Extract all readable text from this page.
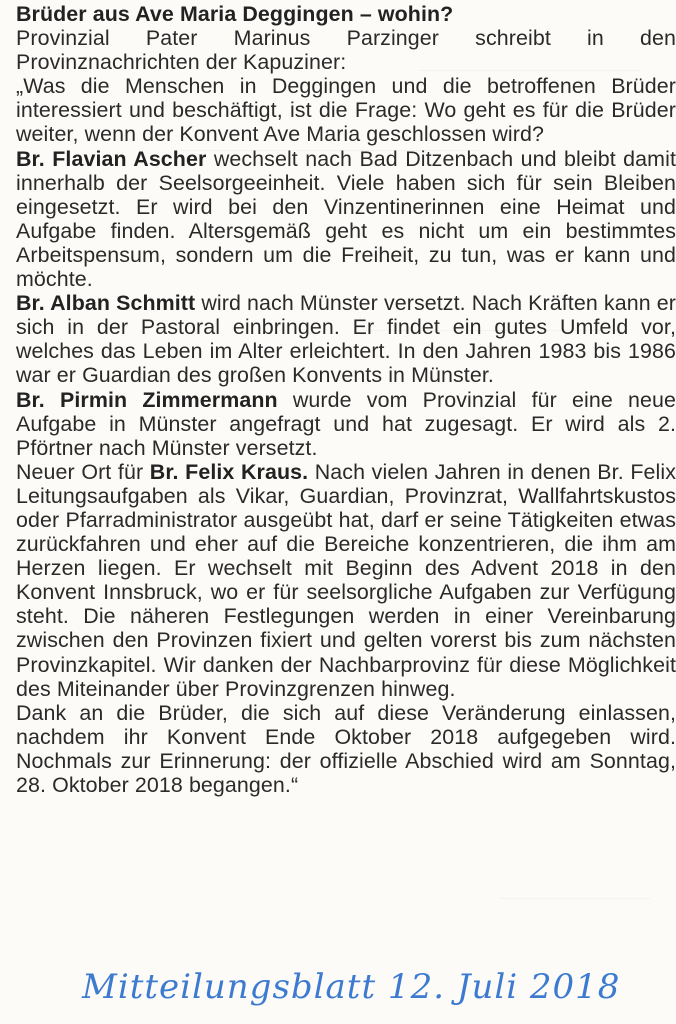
Brüder aus Ave Maria Deggingen – wohin?

Provinzial Pater Marinus Parzinger schreibt in den Provinznachrichten der Kapuziner:

„Was die Menschen in Deggingen und die betroffenen Brüder interessiert und beschäftigt, ist die Frage: Wo geht es für die Brüder weiter, wenn der Konvent Ave Maria geschlossen wird?

Br. Flavian Ascher wechselt nach Bad Ditzenbach und bleibt damit innerhalb der Seelsorgeeinheit. Viele haben sich für sein Bleiben eingesetzt. Er wird bei den Vinzentinerinnen eine Heimat und Aufgabe finden. Altersgemäß geht es nicht um ein bestimmtes Arbeitspensum, sondern um die Freiheit, zu tun, was er kann und möchte.

Br. Alban Schmitt wird nach Münster versetzt. Nach Kräften kann er sich in der Pastoral einbringen. Er findet ein gutes Umfeld vor, welches das Leben im Alter erleichtert. In den Jahren 1983 bis 1986 war er Guardian des großen Konvents in Münster.

Br. Pirmin Zimmermann wurde vom Provinzial für eine neue Aufgabe in Münster angefragt und hat zugesagt. Er wird als 2. Pförtner nach Münster versetzt.

Neuer Ort für Br. Felix Kraus. Nach vielen Jahren in denen Br. Felix Leitungsaufgaben als Vikar, Guardian, Provinzrat, Wallfahrtskustos oder Pfarradministrator ausgeübt hat, darf er seine Tätigkeiten etwas zurückfahren und eher auf die Bereiche konzentrieren, die ihm am Herzen liegen. Er wechselt mit Beginn des Advent 2018 in den Konvent Innsbruck, wo er für seelsorgliche Aufgaben zur Verfügung steht. Die näheren Festlegungen werden in einer Vereinbarung zwischen den Provinzen fixiert und gelten vorerst bis zum nächsten Provinzkapitel. Wir danken der Nachbarprovinz für diese Möglichkeit des Miteinander über Provinzgrenzen hinweg.

Dank an die Brüder, die sich auf diese Veränderung einlassen, nachdem ihr Konvent Ende Oktober 2018 aufgegeben wird. Nochmals zur Erinnerung: der offizielle Abschied wird am Sonntag, 28. Oktober 2018 begangen.“

Mitteilungsblatt 12. Juli 2018
